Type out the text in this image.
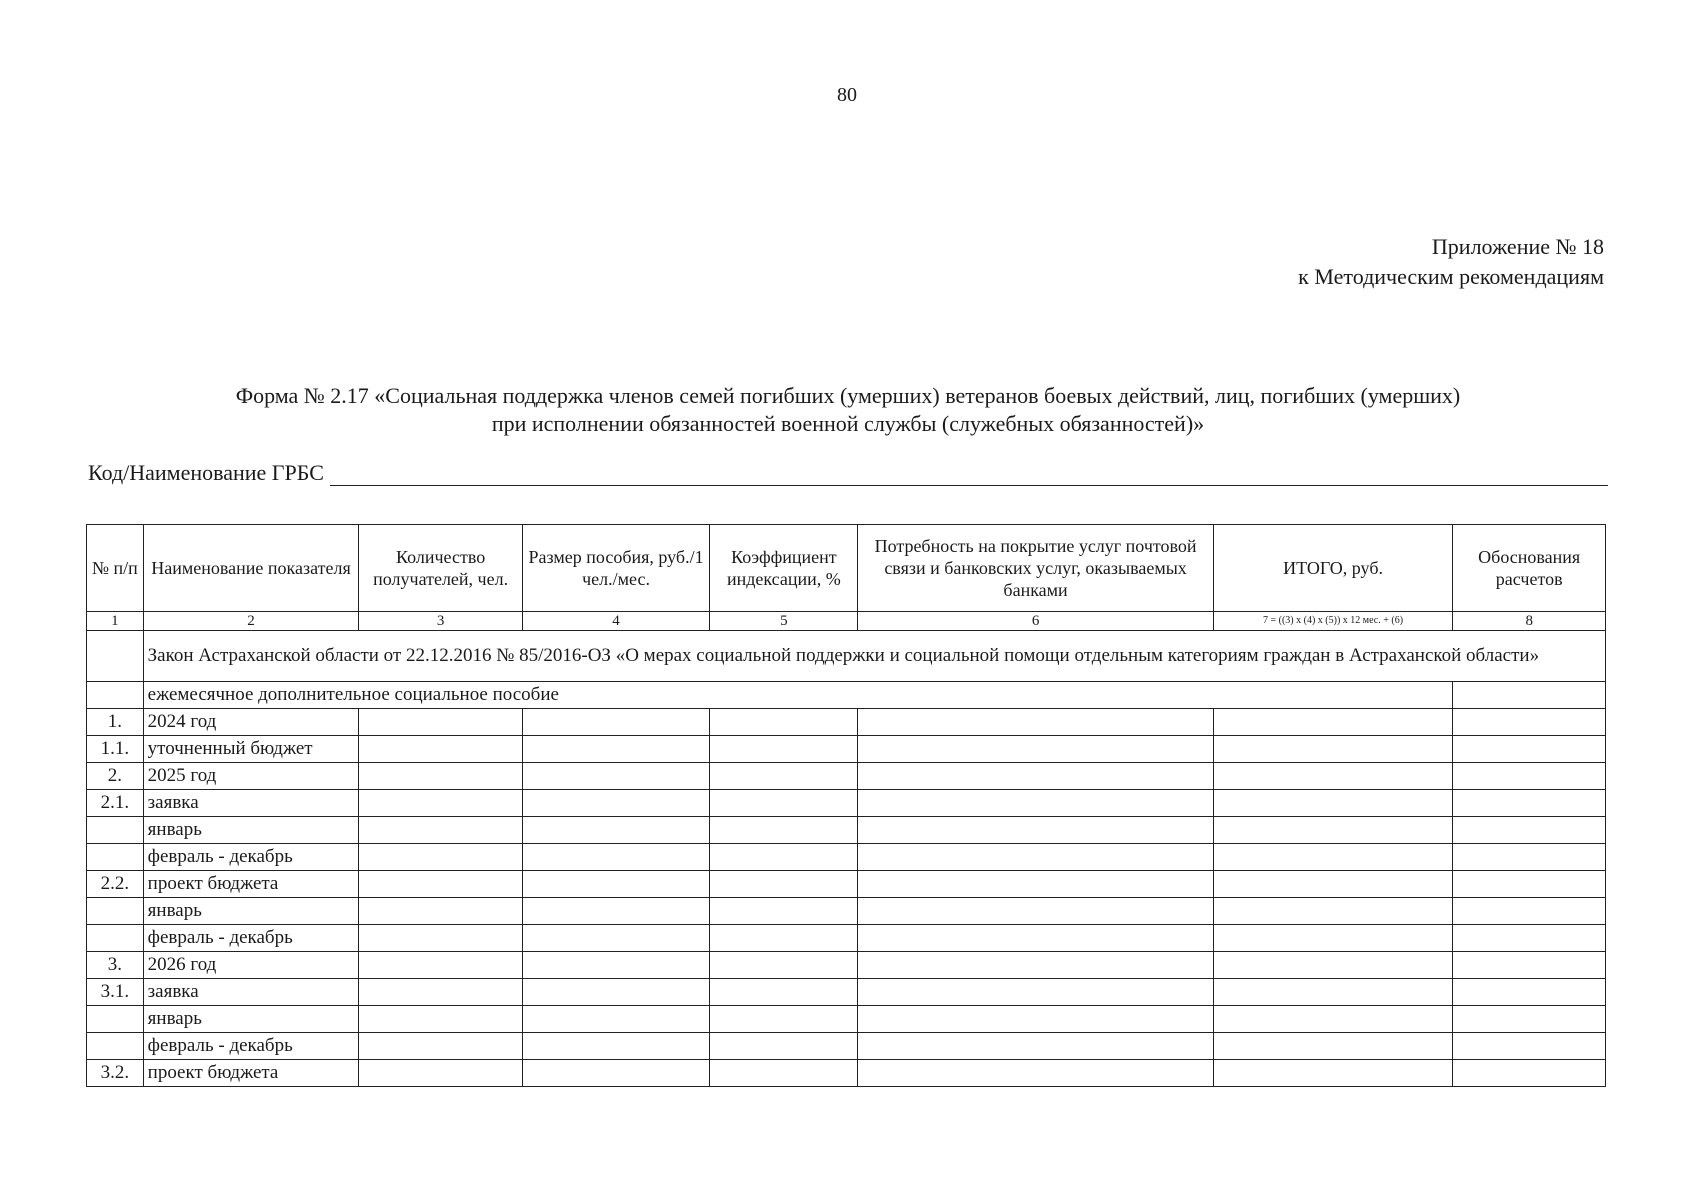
80
Приложение № 18
к Методическим рекомендациям
Форма № 2.17 «Социальная поддержка членов семей погибших (умерших) ветеранов боевых действий, лиц, погибших (умерших)
при исполнении обязанностей военной службы (служебных обязанностей)»
Код/Наименование ГРБС
№ п/п	Наименование показателя	Количество получателей, чел.	Размер пособия, руб./1 чел./мес.	Коэффициент индексации, %	Потребность на покрытие услуг почтовой связи и банковских услуг, оказываемых банками	ИТОГО, руб.	Обоснования расчетов
1	2	3	4	5	6	7 = ((3) x (4) x (5)) x 12 мес. + (6)	8
	Закон Астраханской области от 22.12.2016 № 85/2016-ОЗ «О мерах социальной поддержки и социальной помощи отдельным категориям граждан в Астраханской области»						
	ежемесячное дополнительное социальное пособие						
1.	2024 год						
1.1.	уточненный бюджет						
2.	2025 год						
2.1.	заявка						
	январь						
	февраль - декабрь						
2.2.	проект бюджета						
	январь						
	февраль - декабрь						
3.	2026 год						
3.1.	заявка						
	январь						
	февраль - декабрь						
3.2.	проект бюджета						
